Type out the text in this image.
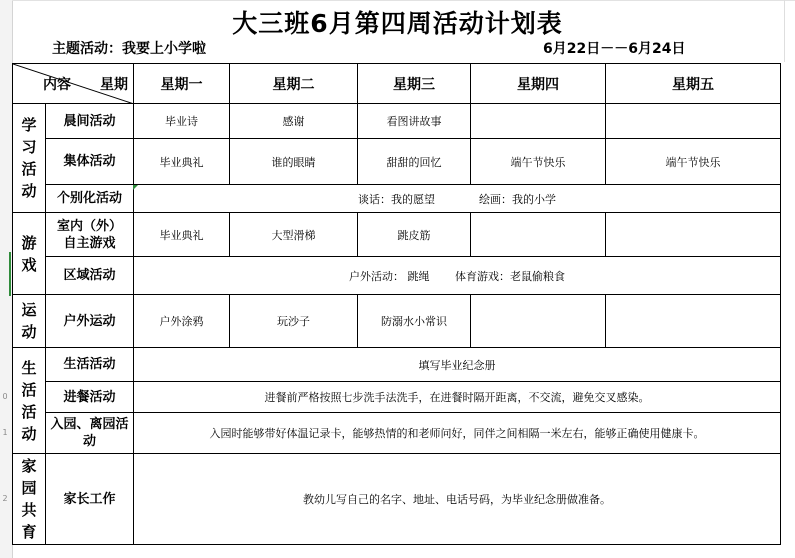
0
1
2
大三班6月第四周活动计划表
主题活动：我要上小学啦	6月22日－－6月24日
内容 星期		星期一	星期二	星期三	星期四	星期五
学习活动	晨间活动	毕业诗	感谢	看图讲故事		
	集体活动	毕业典礼	谁的眼睛	甜甜的回忆	端午节快乐	端午节快乐
	个别化活动	谈话：我的愿望　　　　绘画：我的小学				
游戏	室内（外）自主游戏	毕业典礼	大型滑梯	跳皮筋		
	区域活动	户外活动： 跳绳　　 体育游戏：老鼠偷粮食				
运动	户外运动	户外涂鸦	玩沙子	防溺水小常识		
生活活动	生活活动	填写毕业纪念册				
	进餐活动	进餐前严格按照七步洗手法洗手，在进餐时隔开距离，不交流，避免交叉感染。				
	入园、离园活动	入园时能够带好体温记录卡，能够热情的和老师问好，同伴之间相隔一米左右，能够正确使用健康卡。				
家园共育	家长工作	教幼儿写自己的名字、地址、电话号码，为毕业纪念册做准备。				
